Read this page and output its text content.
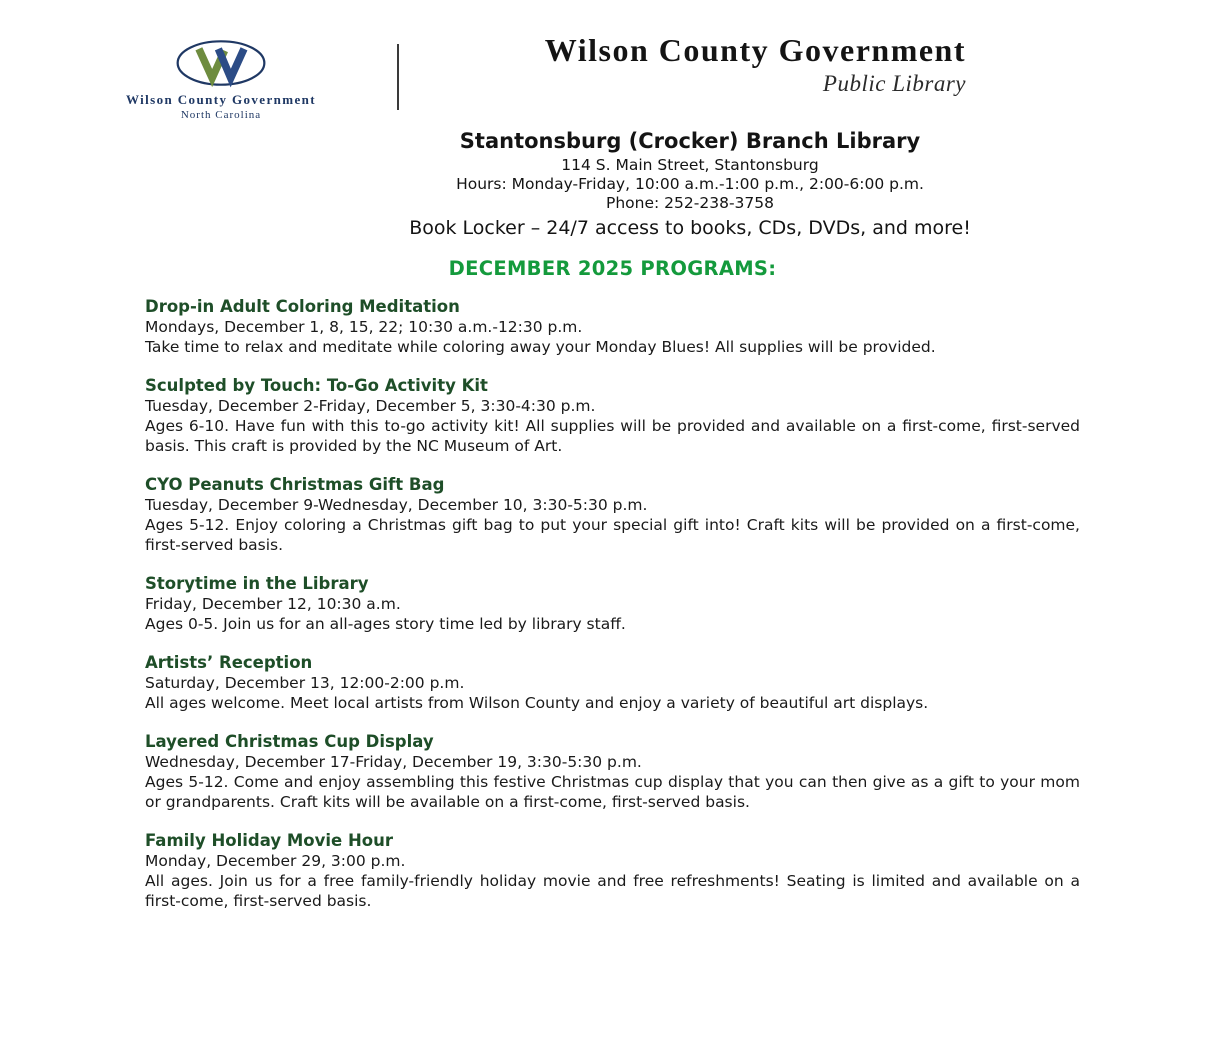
Wilson County Government
North Carolina
Wilson County Government
Public Library
Stantonsburg (Crocker) Branch Library
114 S. Main Street, Stantonsburg
Hours: Monday-Friday, 10:00 a.m.-1:00 p.m., 2:00-6:00 p.m.
Phone: 252-238-3758
Book Locker – 24/7 access to books, CDs, DVDs, and more!
DECEMBER 2025 PROGRAMS:
Drop-in Adult Coloring Meditation
Mondays, December 1, 8, 15, 22; 10:30 a.m.-12:30 p.m.

Take time to relax and meditate while coloring away your Monday Blues! All supplies will be provided.

Sculpted by Touch: To-Go Activity Kit
Tuesday, December 2-Friday, December 5, 3:30-4:30 p.m.

Ages 6-10. Have fun with this to-go activity kit! All supplies will be provided and available on a first-come, first-served basis. This craft is provided by the NC Museum of Art.

CYO Peanuts Christmas Gift Bag
Tuesday, December 9-Wednesday, December 10, 3:30-5:30 p.m.

Ages 5-12. Enjoy coloring a Christmas gift bag to put your special gift into! Craft kits will be provided on a first-come, first-served basis.

Storytime in the Library
Friday, December 12, 10:30 a.m.

Ages 0-5. Join us for an all-ages story time led by library staff.

Artists’ Reception
Saturday, December 13, 12:00-2:00 p.m.

All ages welcome. Meet local artists from Wilson County and enjoy a variety of beautiful art displays.

Layered Christmas Cup Display
Wednesday, December 17-Friday, December 19, 3:30-5:30 p.m.

Ages 5-12. Come and enjoy assembling this festive Christmas cup display that you can then give as a gift to your mom or grandparents. Craft kits will be available on a first-come, first-served basis.

Family Holiday Movie Hour
Monday, December 29, 3:00 p.m.

All ages. Join us for a free family-friendly holiday movie and free refreshments! Seating is limited and available on a first-come, first-served basis.
